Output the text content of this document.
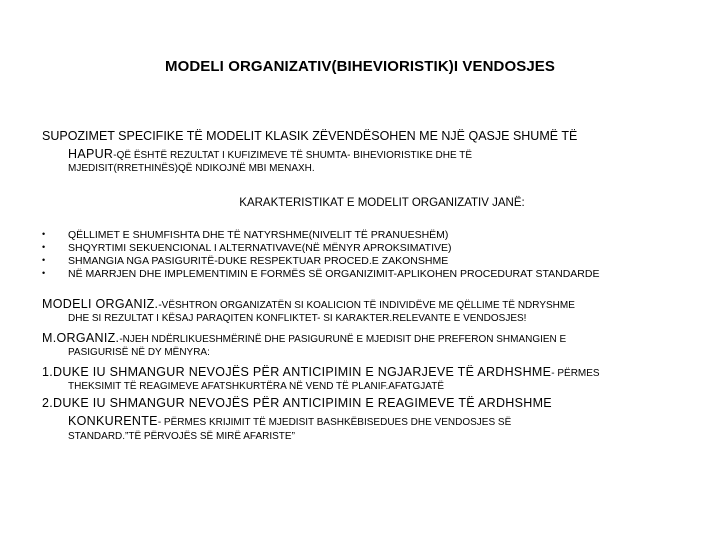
MODELI ORGANIZATIV(BIHEVIORISTIK)I VENDOSJES

SUPOZIMET SPECIFIKE TË MODELIT KLASIK ZËVENDËSOHEN ME NJË QASJE SHUMË TË

HAPUR-QË ËSHTË REZULTAT I KUFIZIMEVE TË SHUMTA- BIHEVIORISTIKE DHE TË

MJEDISIT(RRETHINËS)QË NDIKOJNË MBI MENAXH.

KARAKTERISTIKAT E MODELIT ORGANIZATIV JANË:
• QËLLIMET E SHUMFISHTA DHE TË NATYRSHME(NIVELIT TË PRANUESHËM)
• SHQYRTIMI SEKUENCIONAL I ALTERNATIVAVE(NË MËNYR APROKSIMATIVE)
• SHMANGIA NGA PASIGURITË-DUKE RESPEKTUAR PROCED.E ZAKONSHME
• NË MARRJEN DHE IMPLEMENTIMIN E FORMËS SË ORGANIZIMIT-APLIKOHEN PROCEDURAT STANDARDE

MODELI ORGANIZ.-VËSHTRON ORGANIZATËN SI KOALICION TË INDIVIDËVE ME QËLLIME TË NDRYSHME

DHE SI REZULTAT I KËSAJ PARAQITEN KONFLIKTET- SI KARAKTER.RELEVANTE E VENDOSJES!

M.ORGANIZ.-NJEH NDËRLIKUESHMËRINË DHE PASIGURUNË E MJEDISIT DHE PREFERON SHMANGIEN E

PASIGURISË NË DY MËNYRA:

1.DUKE IU SHMANGUR NEVOJËS PËR ANTICIPIMIN E NGJARJEVE TË ARDHSHME- PËRMES

THEKSIMIT TË REAGIMEVE AFATSHKURTËRA NË VEND TË PLANIF.AFATGJATË

2.DUKE IU SHMANGUR NEVOJËS PËR ANTICIPIMIN E REAGIMEVE TË ARDHSHME

KONKURENTE- PËRMES KRIJIMIT TË MJEDISIT BASHKËBISEDUES DHE VENDOSJES SË

STANDARD.”TË PËRVOJËS SË MIRË AFARISTE”
